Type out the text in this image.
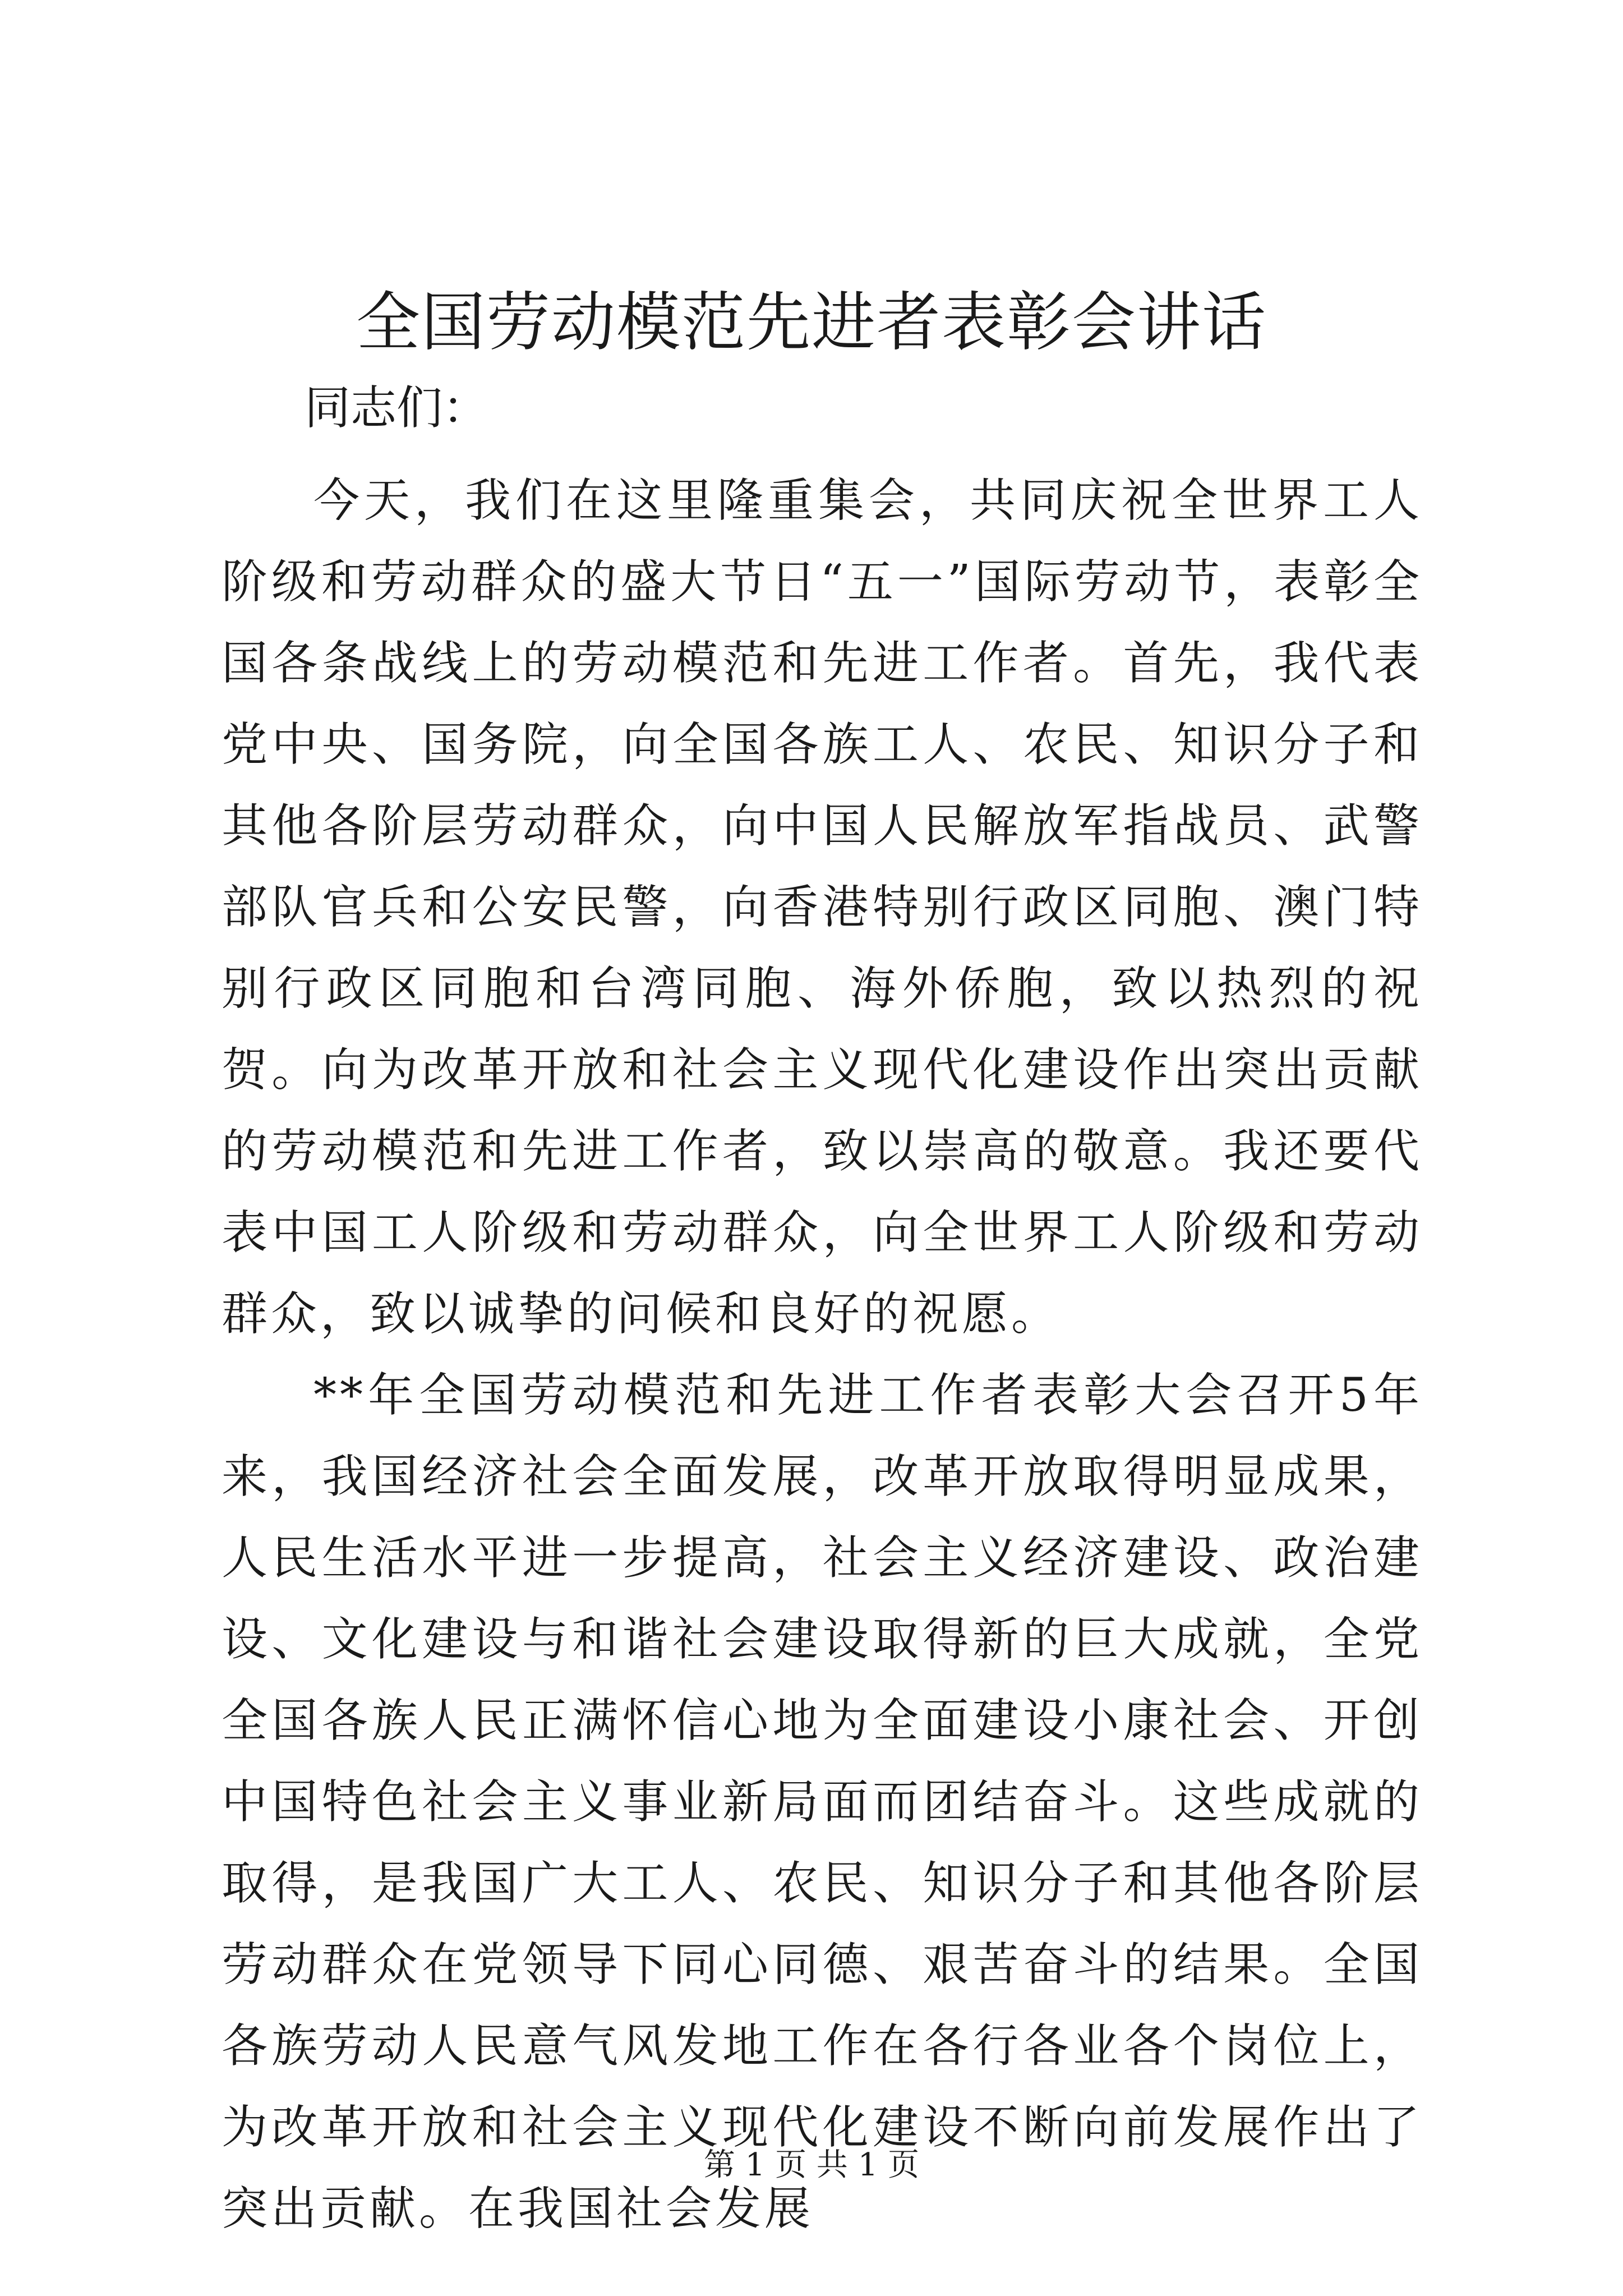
全国劳动模范先进者表彰会讲话

同志们：

今天，我们在这里隆重集会，共同庆祝全世界工人阶级和劳动群众的盛大节日“五一”国际劳动节，表彰全国各条战线上的劳动模范和先进工作者。首先，我代表党中央、国务院，向全国各族工人、农民、知识分子和其他各阶层劳动群众，向中国人民解放军指战员、武警部队官兵和公安民警，向香港特别行政区同胞、澳门特别行政区同胞和台湾同胞、海外侨胞，致以热烈的祝贺。向为改革开放和社会主义现代化建设作出突出贡献的劳动模范和先进工作者，致以崇高的敬意。我还要代表中国工人阶级和劳动群众，向全世界工人阶级和劳动群众，致以诚挚的问候和良好的祝愿。

**年全国劳动模范和先进工作者表彰大会召开5年来，我国经济社会全面发展，改革开放取得明显成果，人民生活水平进一步提高，社会主义经济建设、政治建设、文化建设与和谐社会建设取得新的巨大成就，全党全国各族人民正满怀信心地为全面建设小康社会、开创中国特色社会主义事业新局面而团结奋斗。这些成就的取得，是我国广大工人、农民、知识分子和其他各阶层劳动群众在党领导下同心同德、艰苦奋斗的结果。全国各族劳动人民意气风发地工作在各行各业各个岗位上，为改革开放和社会主义现代化建设不断向前发展作出了突出贡献。在我国社会发展

第 1 页 共 1 页
